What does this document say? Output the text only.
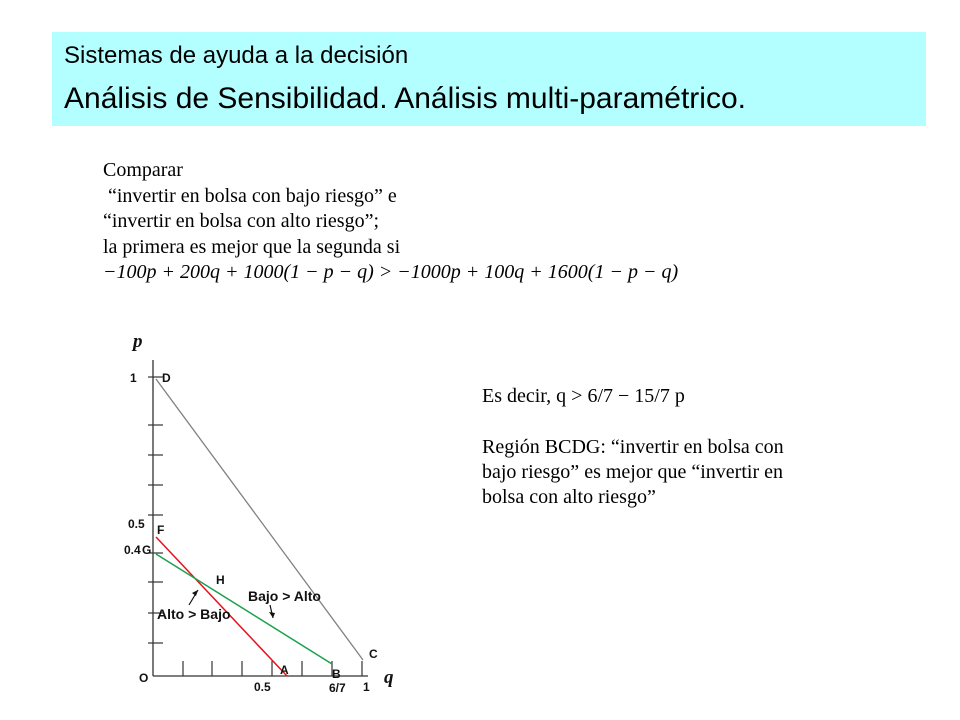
Sistemas de ayuda a la decisión
Análisis de Sensibilidad. Análisis multi-paramétrico.
Comparar
“invertir en bolsa con bajo riesgo” e
“invertir en bolsa con alto riesgo”;
la primera es mejor que la segunda si
−100p + 200q + 1000(1 − p − q) > −1000p + 100q + 1600(1 − p − q)
Es decir, q > 6/7 − 15/7 p
Región BCDG: “invertir en bolsa con
bajo riesgo” es mejor que “invertir en
bolsa con alto riesgo”
p
q
1 D
0.5 F
0.4 G
H
O
0.5
A	B
6/7 1
C
Alto > Bajo
Bajo > Alto
